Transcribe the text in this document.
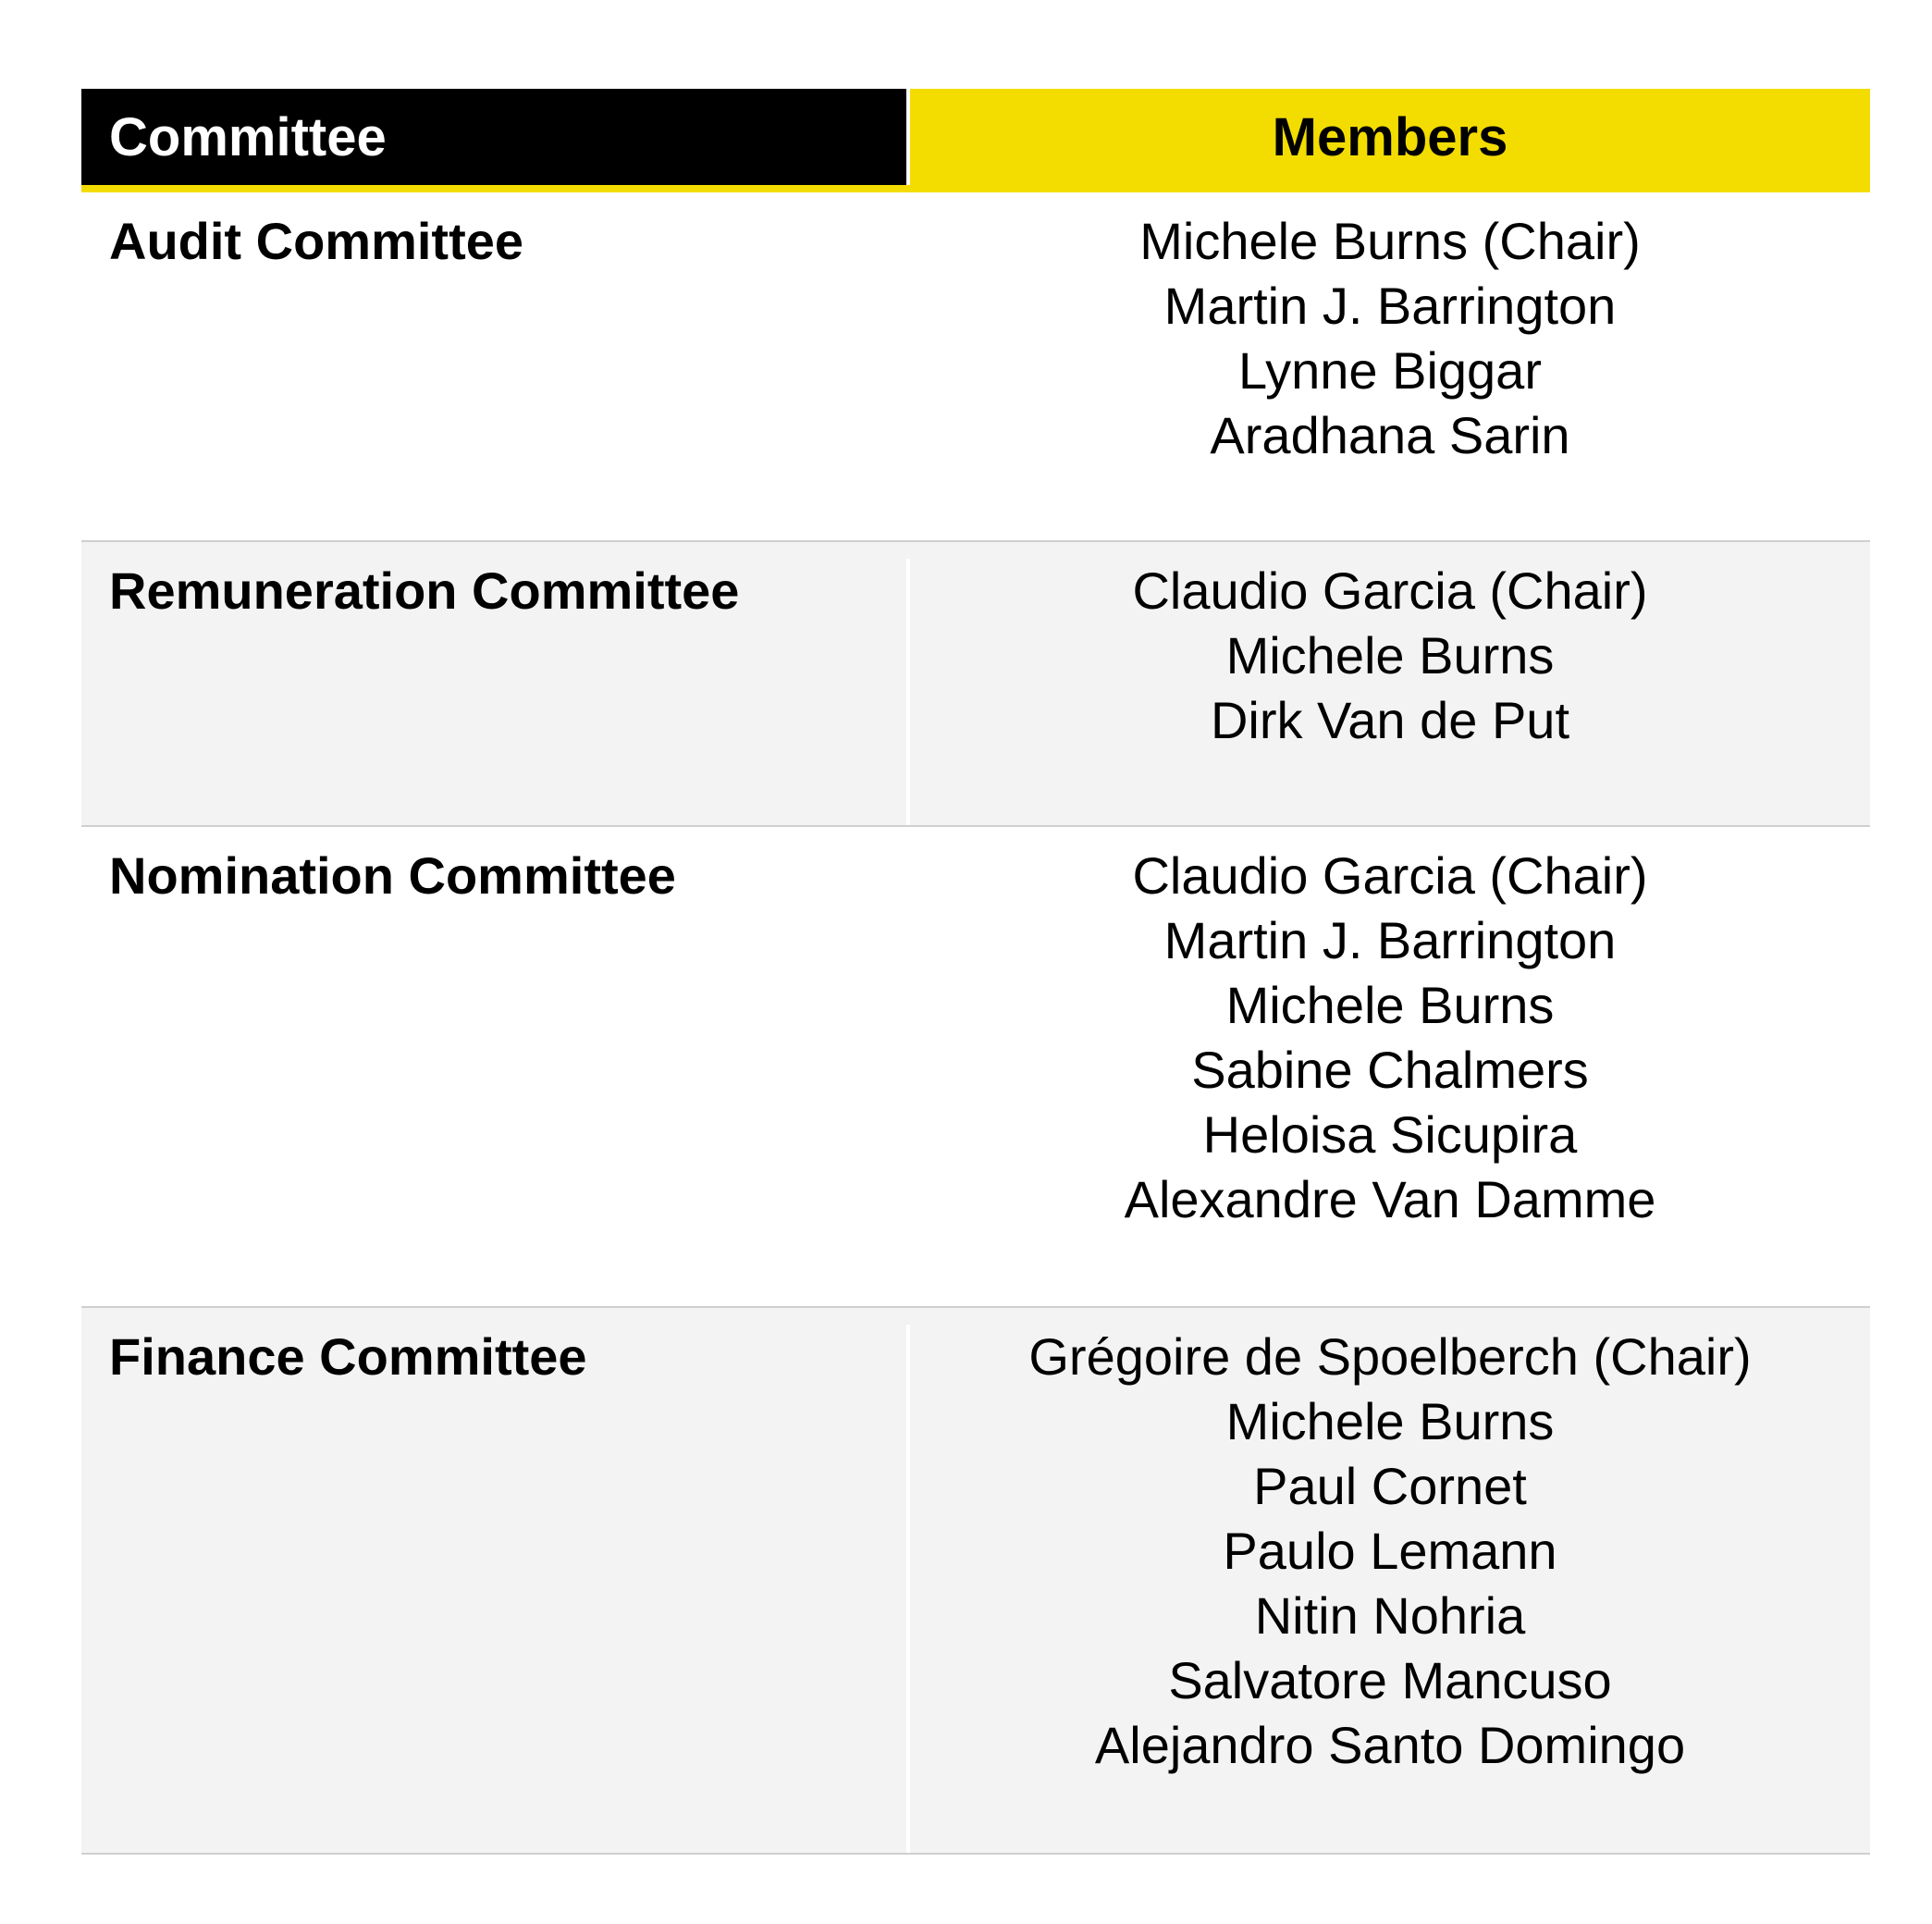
Committee	Members
Audit Committee	Michele Burns (Chair)
Martin J. Barrington
Lynne Biggar
Aradhana Sarin
Remuneration Committee	Claudio Garcia (Chair)
Michele Burns
Dirk Van de Put
Nomination Committee	Claudio Garcia (Chair)
Martin J. Barrington
Michele Burns
Sabine Chalmers
Heloisa Sicupira
Alexandre Van Damme
Finance Committee	Grégoire de Spoelberch (Chair)
Michele Burns
Paul Cornet
Paulo Lemann
Nitin Nohria
Salvatore Mancuso
Alejandro Santo Domingo
